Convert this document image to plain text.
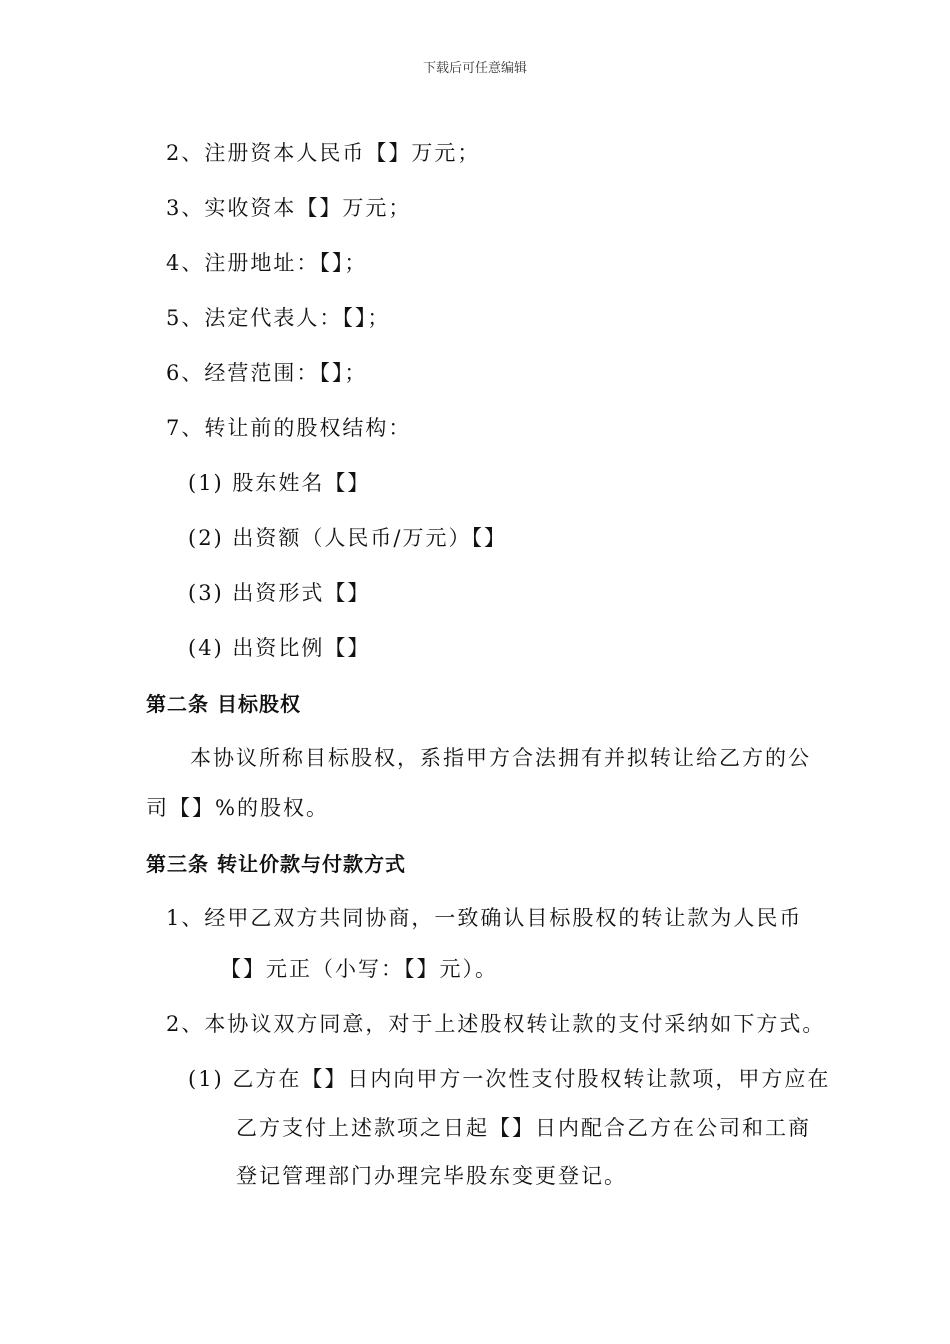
下载后可任意编辑
2、注册资本人民币【】万元；
3、实收资本【】万元；
4、注册地址：【】；
5、法定代表人：【】；
6、经营范围：【】；
7、转让前的股权结构：
(1) 股东姓名【】
(2) 出资额（人民币/万元）【】
(3) 出资形式【】
(4) 出资比例【】
第二条 目标股权
本协议所称目标股权，系指甲方合法拥有并拟转让给乙方的公
司【】%的股权。
第三条 转让价款与付款方式
1、经甲乙双方共同协商，一致确认目标股权的转让款为人民币
【】元正（小写：【】元）。
2、本协议双方同意，对于上述股权转让款的支付采纳如下方式。
(1) 乙方在【】日内向甲方一次性支付股权转让款项，甲方应在
乙方支付上述款项之日起【】日内配合乙方在公司和工商
登记管理部门办理完毕股东变更登记。
